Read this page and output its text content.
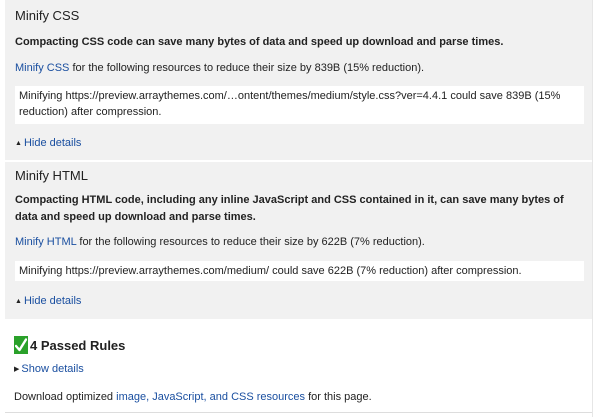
Minify CSS

Compacting CSS code can save many bytes of data and speed up download and parse times.

Minify CSS for the following resources to reduce their size by 839B (15% reduction).

Minifying https://preview.arraythemes.com/…ontent/themes/medium/style.css?ver=4.4.1 could save 839B (15% reduction) after compression.
▲ Hide details
Minify HTML

Compacting HTML code, including any inline JavaScript and CSS contained in it, can save many bytes of data and speed up download and parse times.

Minify HTML for the following resources to reduce their size by 622B (7% reduction).

Minifying https://preview.arraythemes.com/medium/ could save 622B (7% reduction) after compression.
▲ Hide details
4 Passed Rules
▶ Show details
Download optimized image, JavaScript, and CSS resources for this page.
